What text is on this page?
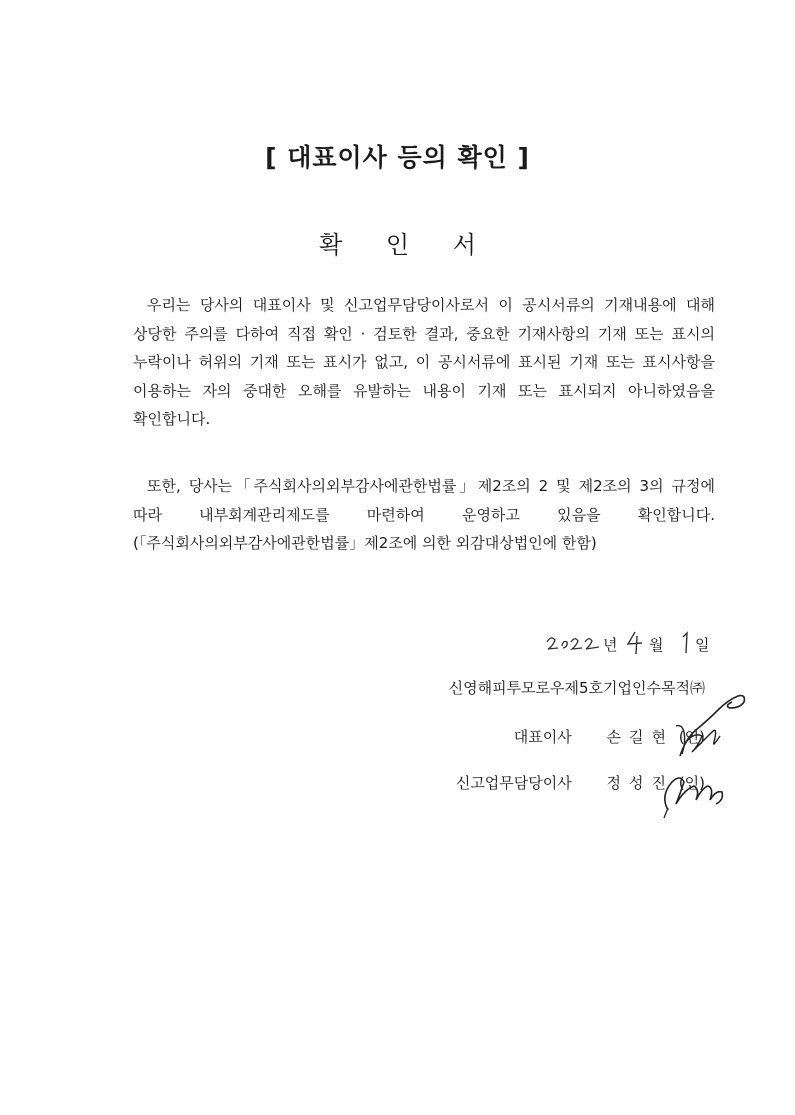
[ 대표이사 등의 확인 ]
확 인 서

우리는 당사의 대표이사 및 신고업무담당이사로서 이 공시서류의 기재내용에 대해 상당한 주의를 다하여 직접 확인 · 검토한 결과, 중요한 기재사항의 기재 또는 표시의 누락이나 허위의 기재 또는 표시가 없고, 이 공시서류에 표시된 기재 또는 표시사항을 이용하는 자의 중대한 오해를 유발하는 내용이 기재 또는 표시되지 아니하였음을 확인합니다.

또한, 당사는「주식회사의외부감사에관한법률」제2조의 2 및 제2조의 3의 규정에 따라 내부회계관리제도를 마련하여 운영하고 있음을 확인합니다. (「주식회사의외부감사에관한법률」제2조에 의한 외감대상법인에 한함)

년 월 일
신영해피투모로우제5호기업인수목적㈜
대표이사 손길현 (인)
신고업무담당이사 정성진 (인)
